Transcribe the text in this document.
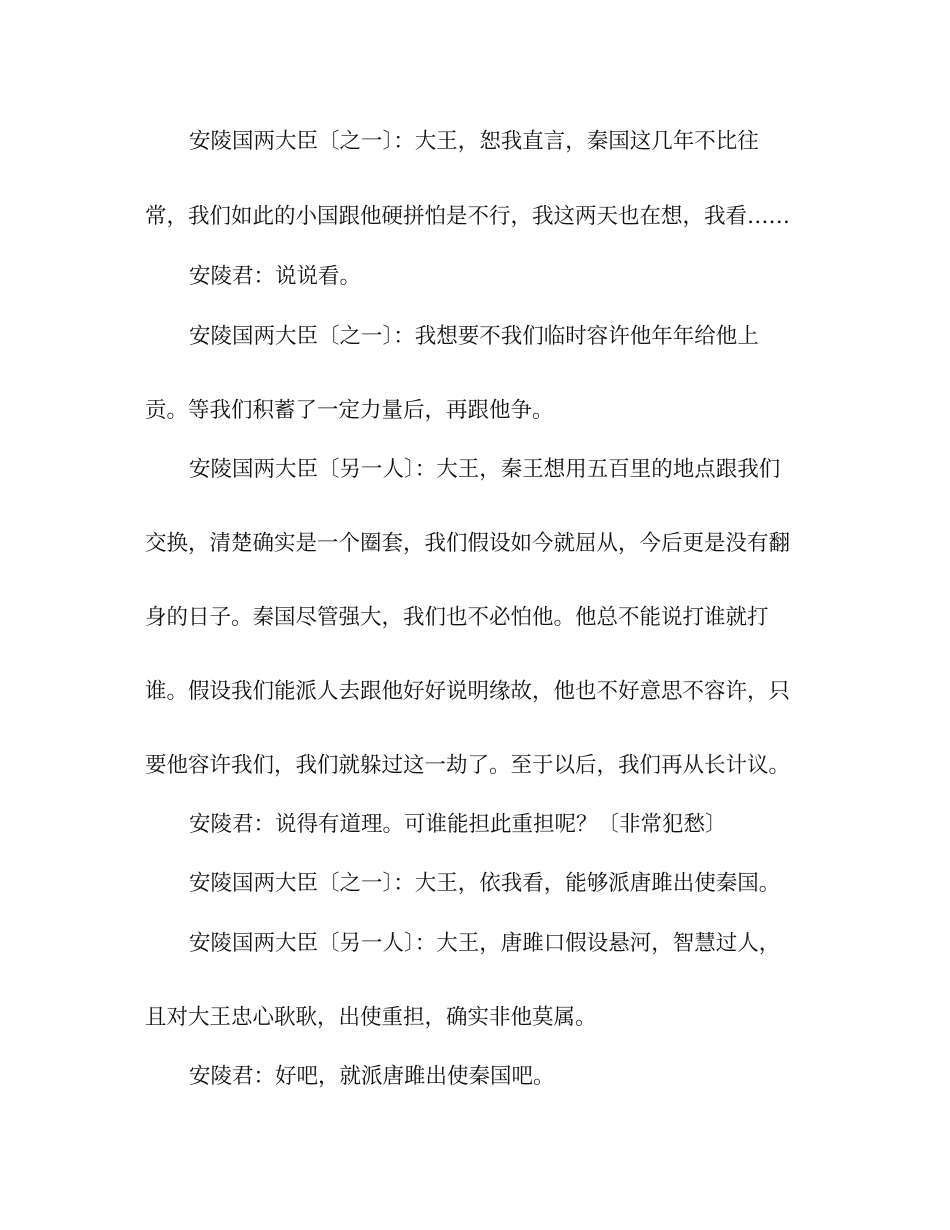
安陵国两大臣〔之一〕：大王，恕我直言，秦国这几年不比往

常，我们如此的小国跟他硬拼怕是不行，我这两天也在想，我看……

安陵君：说说看。

安陵国两大臣〔之一〕：我想要不我们临时容许他年年给他上

贡。等我们积蓄了一定力量后，再跟他争。

安陵国两大臣〔另一人〕：大王，秦王想用五百里的地点跟我们

交换，清楚确实是一个圈套，我们假设如今就屈从，今后更是没有翻

身的日子。秦国尽管强大，我们也不必怕他。他总不能说打谁就打

谁。假设我们能派人去跟他好好说明缘故，他也不好意思不容许，只

要他容许我们，我们就躲过这一劫了。至于以后，我们再从长计议。

安陵君：说得有道理。可谁能担此重担呢？〔非常犯愁〕

安陵国两大臣〔之一〕：大王，依我看，能够派唐雎出使秦国。

安陵国两大臣〔另一人〕：大王，唐雎口假设悬河，智慧过人，

且对大王忠心耿耿，出使重担，确实非他莫属。

安陵君：好吧，就派唐雎出使秦国吧。
